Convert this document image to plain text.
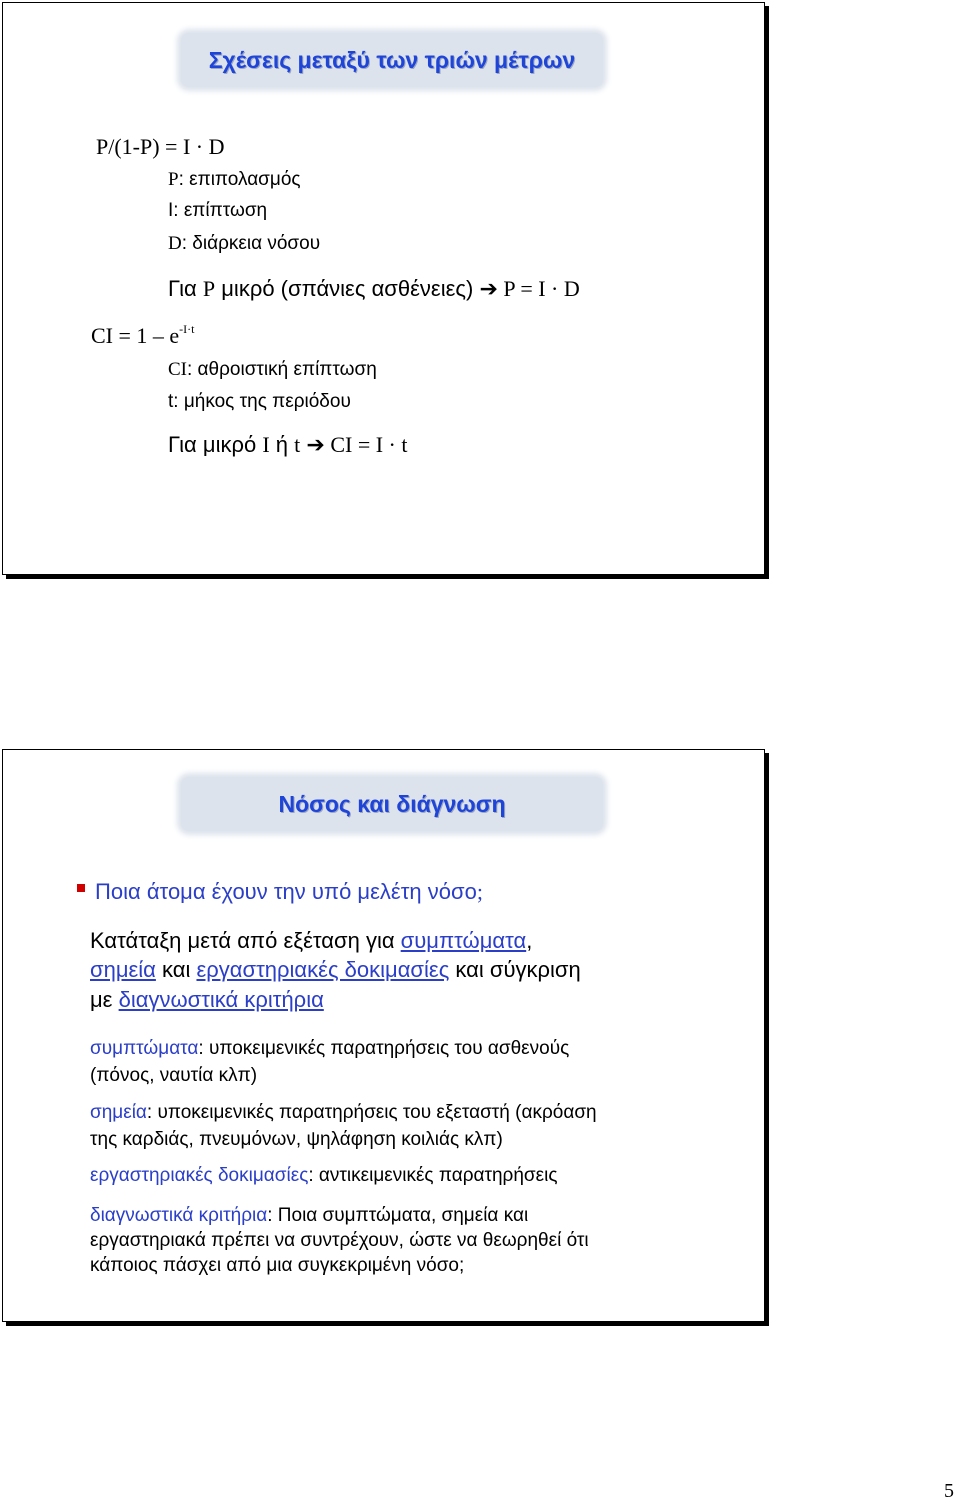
Σχέσεις μεταξύ των τριών μέτρων
P/(1-P) = I · D
P: επιπολασμός
I: επίπτωση
D: διάρκεια νόσου
Για P μικρό (σπάνιες ασθένειες) ➔ P = I · D
CI = $1 - e^{-I\cdot t}$
CI: αθροιστική επίπτωση
t: μήκος της περιόδου
Για μικρό I ή t ➔ CI = I · t
Νόσος και διάγνωση
Ποια άτομα έχουν την υπό μελέτη νόσο;
Κατάταξη μετά από εξέταση για συμπτώματα,
σημεία και εργαστηριακές δοκιμασίες και σύγκριση
με διαγνωστικά κριτήρια
συμπτώματα: υποκειμενικές παρατηρήσεις του ασθενούς
(πόνος, ναυτία κλπ)
σημεία: υποκειμενικές παρατηρήσεις του εξεταστή (ακρόαση
της καρδιάς, πνευμόνων, ψηλάφηση κοιλιάς κλπ)
εργαστηριακές δοκιμασίες: αντικειμενικές παρατηρήσεις
διαγνωστικά κριτήρια: Ποια συμπτώματα, σημεία και
εργαστηριακά πρέπει να συντρέχουν, ώστε να θεωρηθεί ότι
κάποιος πάσχει από μια συγκεκριμένη νόσο;
5
